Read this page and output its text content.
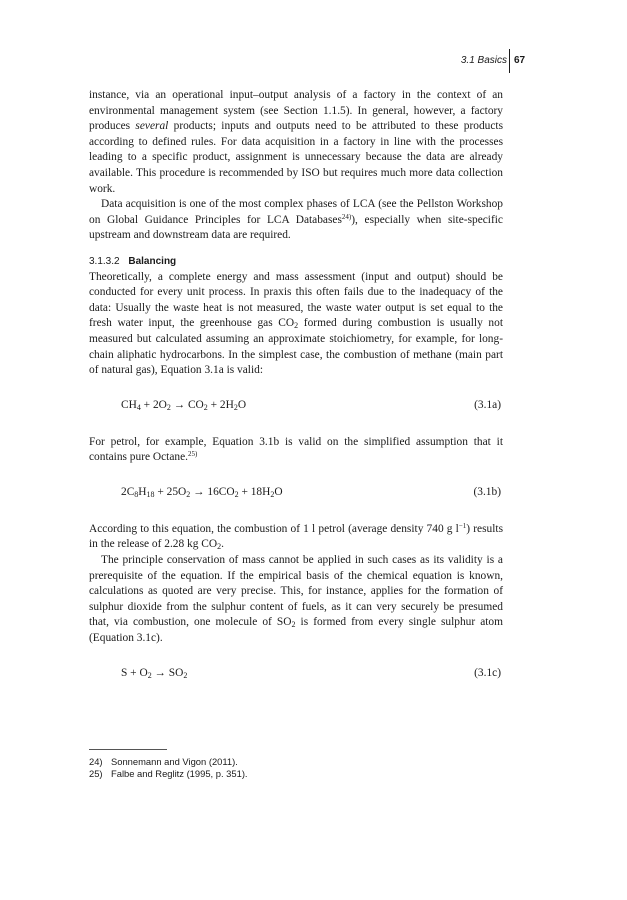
3.1 Basics 67

instance, via an operational input–output analysis of a factory in the context of an environmental management system (see Section 1.1.5). In general, however, a factory produces several products; inputs and outputs need to be attributed to these products according to defined rules. For data acquisition in a factory in line with the processes leading to a specific product, assignment is unnecessary because the data are already available. This procedure is recommended by ISO but requires much more data collection work.

Data acquisition is one of the most complex phases of LCA (see the Pellston Workshop on Global Guidance Principles for LCA Databases$^{24)}$), especially when site-specific upstream and downstream data are required.

3.1.3.2 Balancing

Theoretically, a complete energy and mass assessment (input and output) should be conducted for every unit process. In praxis this often fails due to the inadequacy of the data: Usually the waste heat is not measured, the waste water output is set equal to the fresh water input, the greenhouse gas $CO_2$ formed during combustion is usually not measured but calculated assuming an approximate stoichiometry, for example, for long-chain aliphatic hydrocarbons. In the simplest case, the combustion of methane (main part of natural gas), Equation 3.1a is valid:

$CH_4 + 2O_2 \to CO_2 + 2H_2O$	(3.1a)

For petrol, for example, Equation 3.1b is valid on the simplified assumption that it contains pure Octane.$^{25)}$

$2C_8H_{18} + 25O_2 \to 16CO_2 + 18H_2O$	(3.1b)

According to this equation, the combustion of 1 l petrol (average density 740 g $l^{-1}$) results in the release of 2.28 kg $CO_2$.

The principle conservation of mass cannot be applied in such cases as its validity is a prerequisite of the equation. If the empirical basis of the chemical equation is known, calculations as quoted are very precise. This, for instance, applies for the formation of sulphur dioxide from the sulphur content of fuels, as it can very securely be presumed that, via combustion, one molecule of $SO_2$ is formed from every single sulphur atom (Equation 3.1c).

$S + O_2 \to SO_2$	(3.1c)
24) Sonnemann and Vigon (2011).
25) Falbe and Reglitz (1995, p. 351).
